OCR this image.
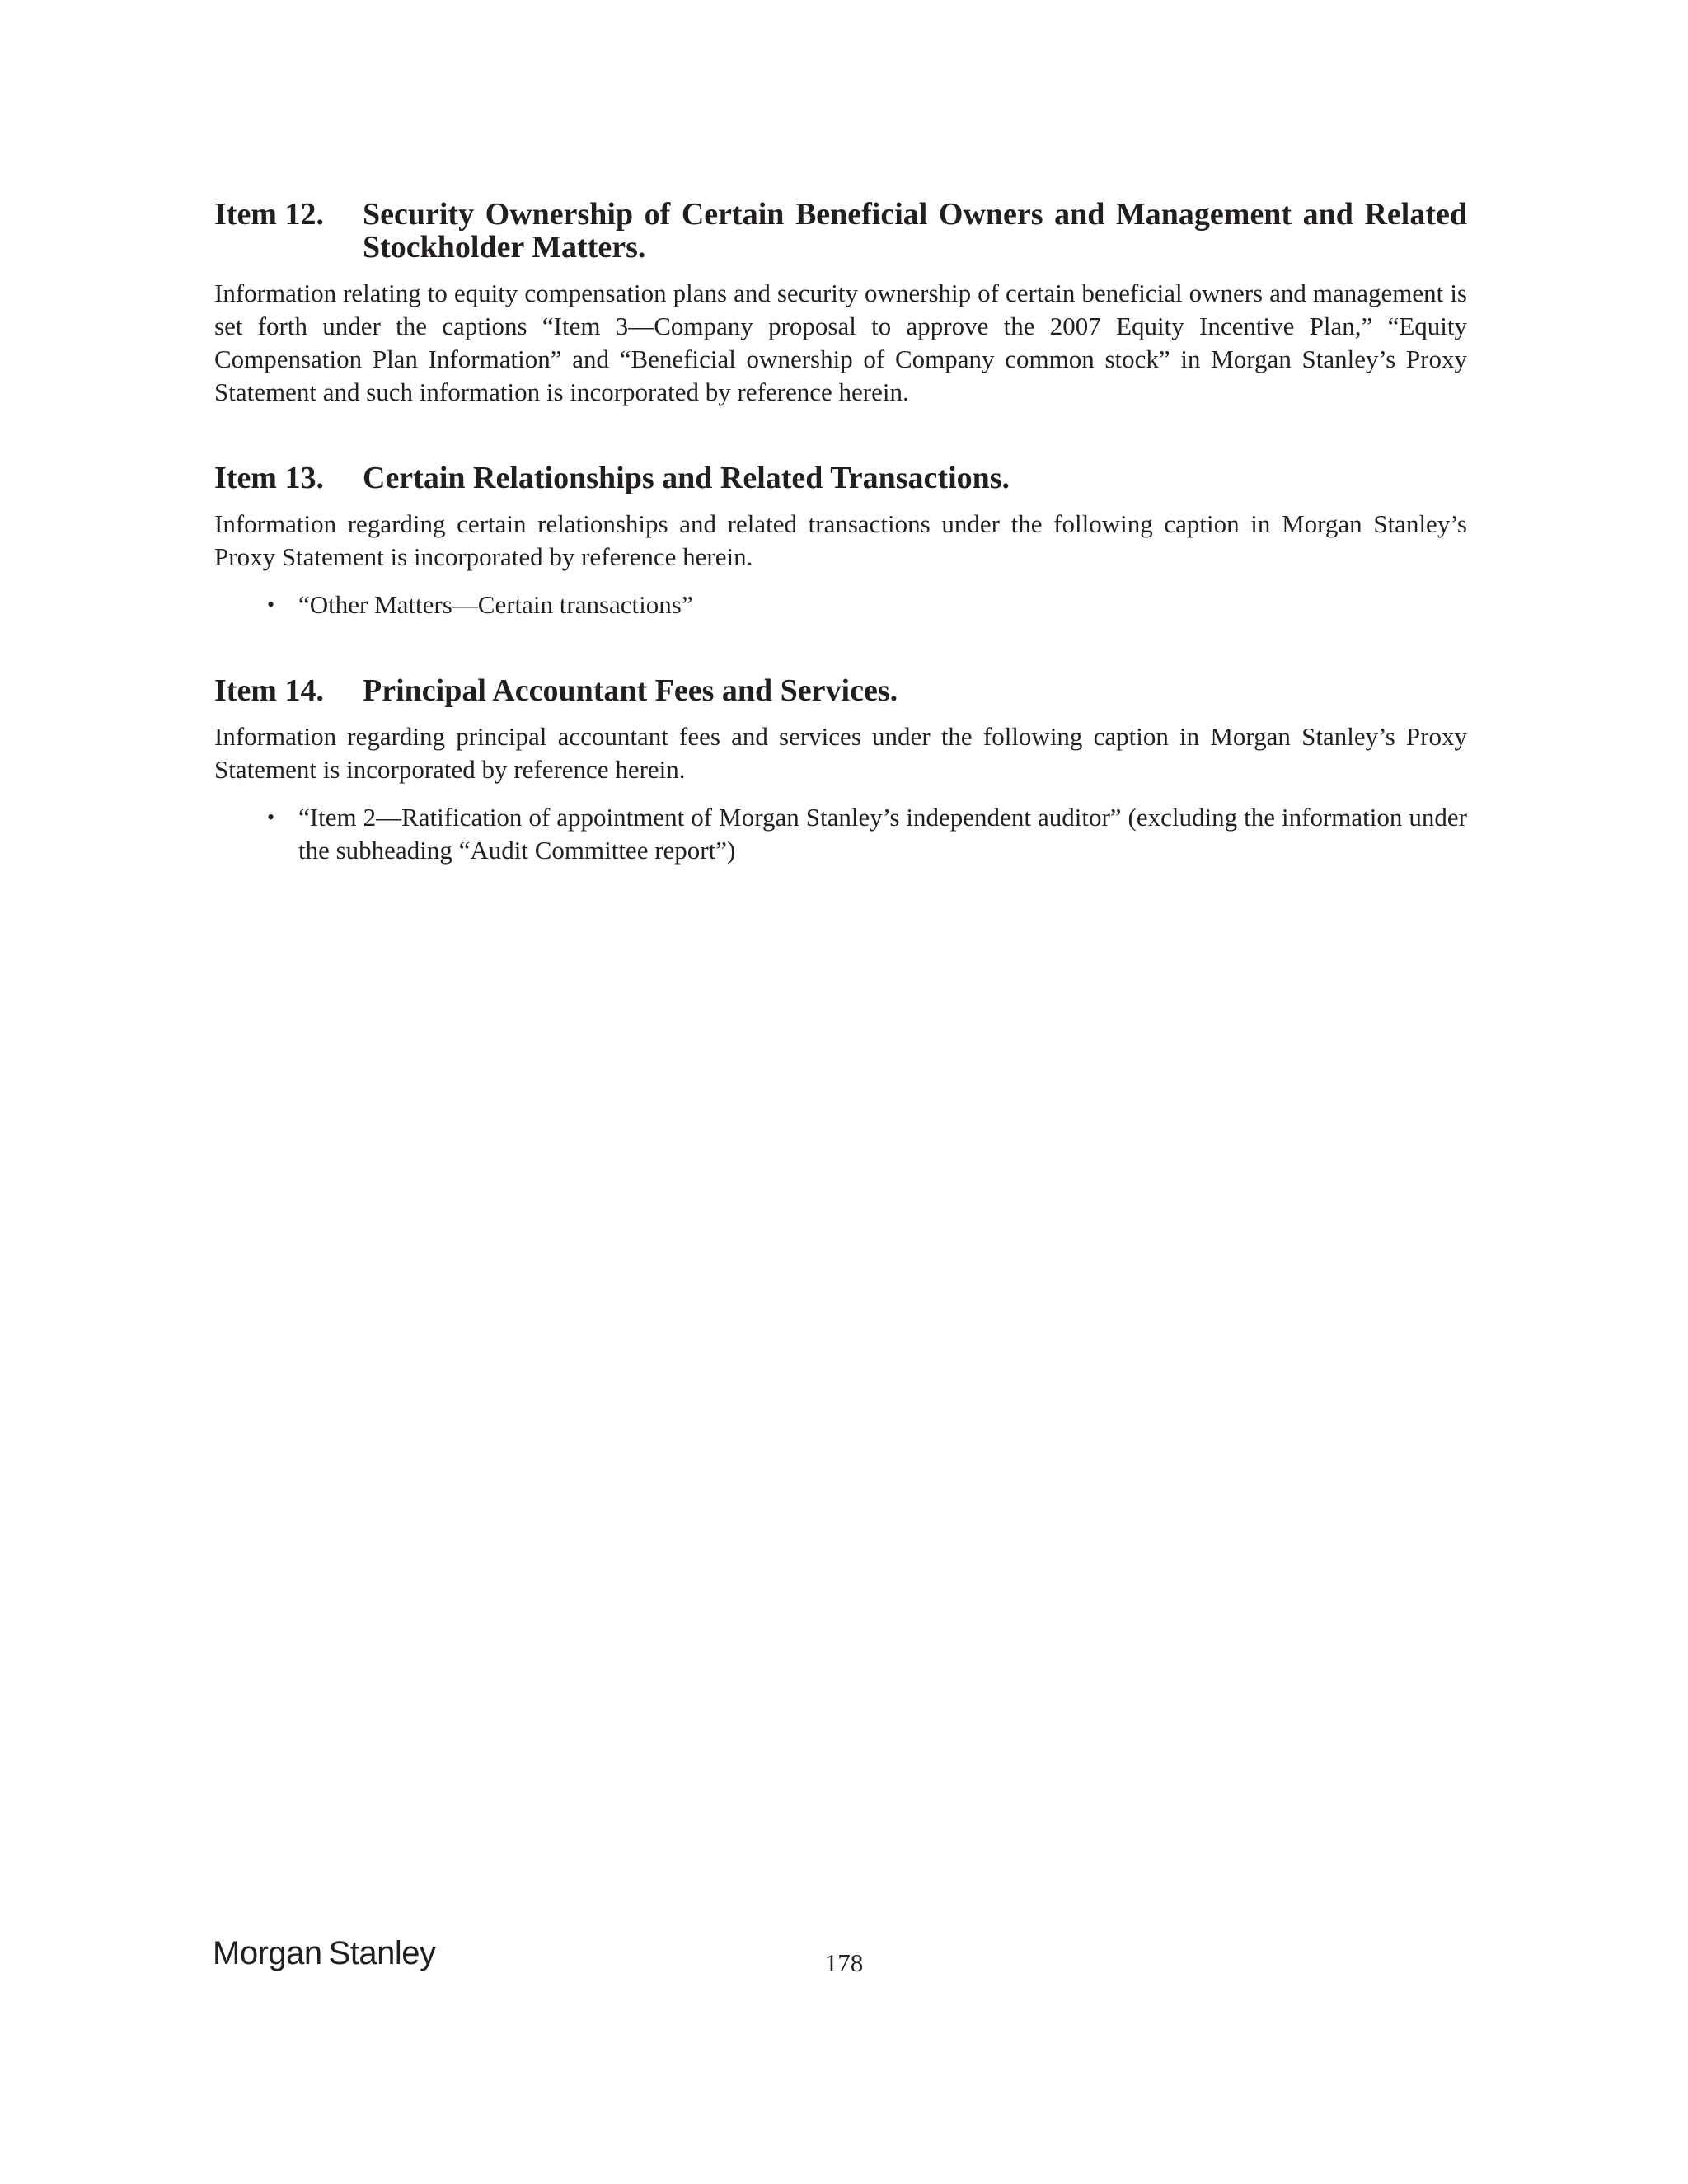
Item 12.	Security Ownership of Certain Beneficial Owners and Management and Related Stockholder Matters.

Information relating to equity compensation plans and security ownership of certain beneficial owners and management is set forth under the captions “Item 3—Company proposal to approve the 2007 Equity Incentive Plan,” “Equity Compensation Plan Information” and “Beneficial ownership of Company common stock” in Morgan Stanley’s Proxy Statement and such information is incorporated by reference herein.

Item 13.	Certain Relationships and Related Transactions.

Information regarding certain relationships and related transactions under the following caption in Morgan Stanley’s Proxy Statement is incorporated by reference herein.

• “Other Matters—Certain transactions”
Item 14.	Principal Accountant Fees and Services.

Information regarding principal accountant fees and services under the following caption in Morgan Stanley’s Proxy Statement is incorporated by reference herein.

• “Item 2—Ratification of appointment of Morgan Stanley’s independent auditor” (excluding the information under the subheading “Audit Committee report”)
Morgan Stanley	178
